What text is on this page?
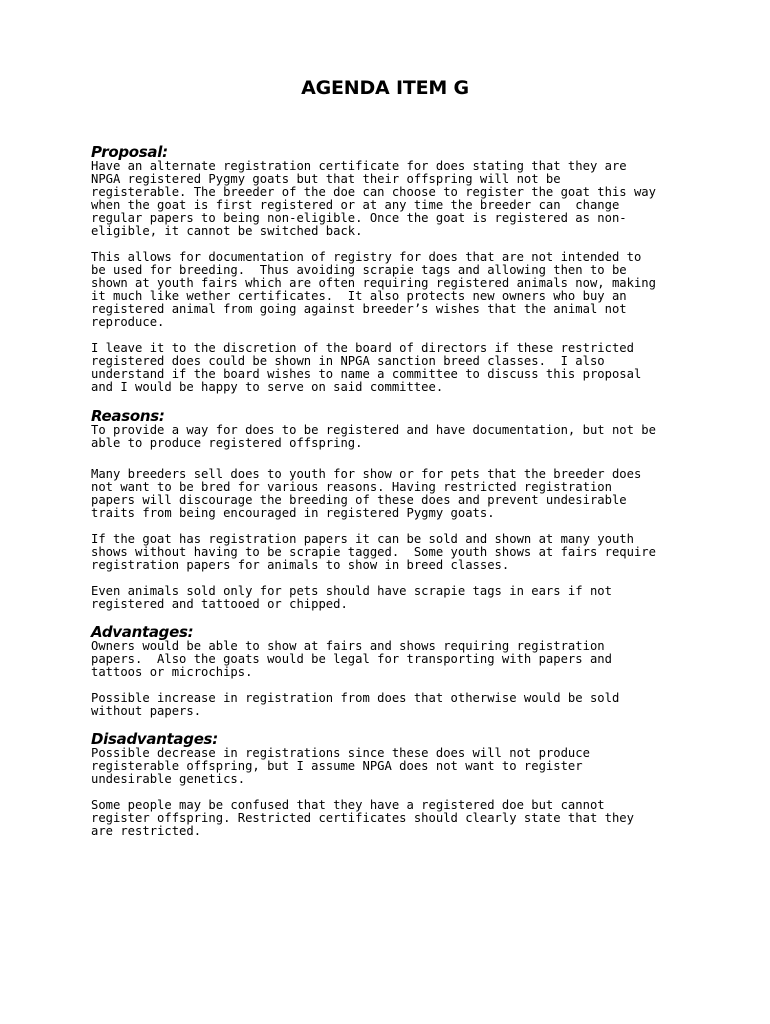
AGENDA ITEM G
Proposal:

Have an alternate registration certificate for does stating that they are
NPGA registered Pygmy goats but that their offspring will not be
registerable. The breeder of the doe can choose to register the goat this way
when the goat is first registered or at any time the breeder can  change
regular papers to being non-eligible. Once the goat is registered as non-
eligible, it cannot be switched back.

This allows for documentation of registry for does that are not intended to
be used for breeding.  Thus avoiding scrapie tags and allowing then to be
shown at youth fairs which are often requiring registered animals now, making
it much like wether certificates.  It also protects new owners who buy an
registered animal from going against breeder’s wishes that the animal not
reproduce.

I leave it to the discretion of the board of directors if these restricted
registered does could be shown in NPGA sanction breed classes.  I also
understand if the board wishes to name a committee to discuss this proposal
and I would be happy to serve on said committee.

Reasons:

To provide a way for does to be registered and have documentation, but not be
able to produce registered offspring.

Many breeders sell does to youth for show or for pets that the breeder does
not want to be bred for various reasons. Having restricted registration
papers will discourage the breeding of these does and prevent undesirable
traits from being encouraged in registered Pygmy goats.

If the goat has registration papers it can be sold and shown at many youth
shows without having to be scrapie tagged.  Some youth shows at fairs require
registration papers for animals to show in breed classes.

Even animals sold only for pets should have scrapie tags in ears if not
registered and tattooed or chipped.

Advantages:

Owners would be able to show at fairs and shows requiring registration
papers.  Also the goats would be legal for transporting with papers and
tattoos or microchips.

Possible increase in registration from does that otherwise would be sold
without papers.

Disadvantages:

Possible decrease in registrations since these does will not produce
registerable offspring, but I assume NPGA does not want to register
undesirable genetics.

Some people may be confused that they have a registered doe but cannot
register offspring. Restricted certificates should clearly state that they
are restricted.
